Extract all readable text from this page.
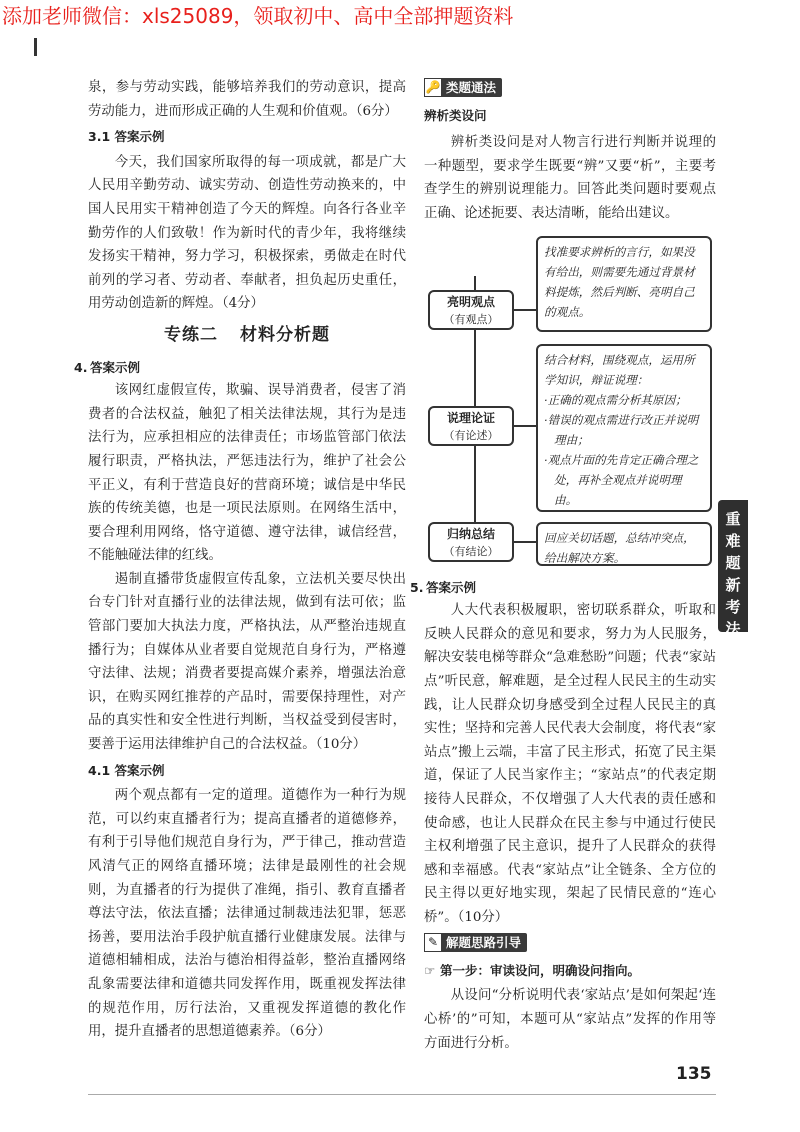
添加老师微信：xls25089，领取初中、高中全部押题资料

泉，参与劳动实践，能够培养我们的劳动意识，提高劳动能力，进而形成正确的人生观和价值观。（6分）

3.1 答案示例

今天，我们国家所取得的每一项成就，都是广大人民用辛勤劳动、诚实劳动、创造性劳动换来的，中国人民用实干精神创造了今天的辉煌。向各行各业辛勤劳作的人们致敬！作为新时代的青少年，我将继续发扬实干精神，努力学习，积极探索，勇做走在时代前列的学习者、劳动者、奉献者，担负起历史重任，用劳动创造新的辉煌。（4分）

专练二 材料分析题
4. 答案示例

该网红虚假宣传，欺骗、误导消费者，侵害了消费者的合法权益，触犯了相关法律法规，其行为是违法行为，应承担相应的法律责任；市场监管部门依法履行职责，严格执法，严惩违法行为，维护了社会公平正义，有利于营造良好的营商环境；诚信是中华民族的传统美德，也是一项民法原则。在网络生活中，要合理利用网络，恪守道德、遵守法律，诚信经营，不能触碰法律的红线。

遏制直播带货虚假宣传乱象，立法机关要尽快出台专门针对直播行业的法律法规，做到有法可依；监管部门要加大执法力度，严格执法，从严整治违规直播行为；自媒体从业者要自觉规范自身行为，严格遵守法律、法规；消费者要提高媒介素养，增强法治意识，在购买网红推荐的产品时，需要保持理性，对产品的真实性和安全性进行判断，当权益受到侵害时，要善于运用法律维护自己的合法权益。（10分）

4.1 答案示例

两个观点都有一定的道理。道德作为一种行为规范，可以约束直播者行为；提高直播者的道德修养，有利于引导他们规范自身行为，严于律己，推动营造风清气正的网络直播环境；法律是最刚性的社会规则，为直播者的行为提供了准绳，指引、教育直播者尊法守法，依法直播；法律通过制裁违法犯罪，惩恶扬善，要用法治手段护航直播行业健康发展。法律与道德相辅相成，法治与德治相得益彰，整治直播网络乱象需要法律和道德共同发挥作用，既重视发挥法律的规范作用，厉行法治，又重视发挥道德的教化作用，提升直播者的思想道德素养。（6分）

🔑 类题通法
辨析类设问

辨析类设问是对人物言行进行判断并说理的一种题型，要求学生既要“辨”又要“析”，主要考查学生的辨别说理能力。回答此类问题时要观点正确、论述扼要、表达清晰，能给出建议。

亮明观点
（有观点）
找准要求辨析的言行，如果没有给出，则需要先通过背景材料提炼，然后判断、亮明自己的观点。
说理论证
（有论述）
结合材料，围绕观点，运用所学知识，辩证说理：
·正确的观点需分析其原因；
·错误的观点需进行改正并说明理由；
·观点片面的先肯定正确合理之处，再补全观点并说明理由。
归纳总结
（有结论）
回应关切话题，总结冲突点，给出解决方案。
5. 答案示例

人大代表积极履职，密切联系群众，听取和反映人民群众的意见和要求，努力为人民服务，解决安装电梯等群众“急难愁盼”问题；代表“家站点”听民意，解难题，是全过程人民民主的生动实践，让人民群众切身感受到全过程人民民主的真实性；坚持和完善人民代表大会制度，将代表“家站点”搬上云端，丰富了民主形式，拓宽了民主渠道，保证了人民当家作主；“家站点”的代表定期接待人民群众，不仅增强了人大代表的责任感和使命感，也让人民群众在民主参与中通过行使民主权利增强了民主意识，提升了人民群众的获得感和幸福感。代表“家站点”让全链条、全方位的民主得以更好地实现，架起了民情民意的“连心桥”。（10分）

✎ 解题思路引导
☞ 第一步：审读设问，明确设问指向。

从设问“分析说明代表‘家站点’是如何架起‘连心桥’的”可知，本题可从“家站点”发挥的作用等方面进行分析。

重难题新考法
135
